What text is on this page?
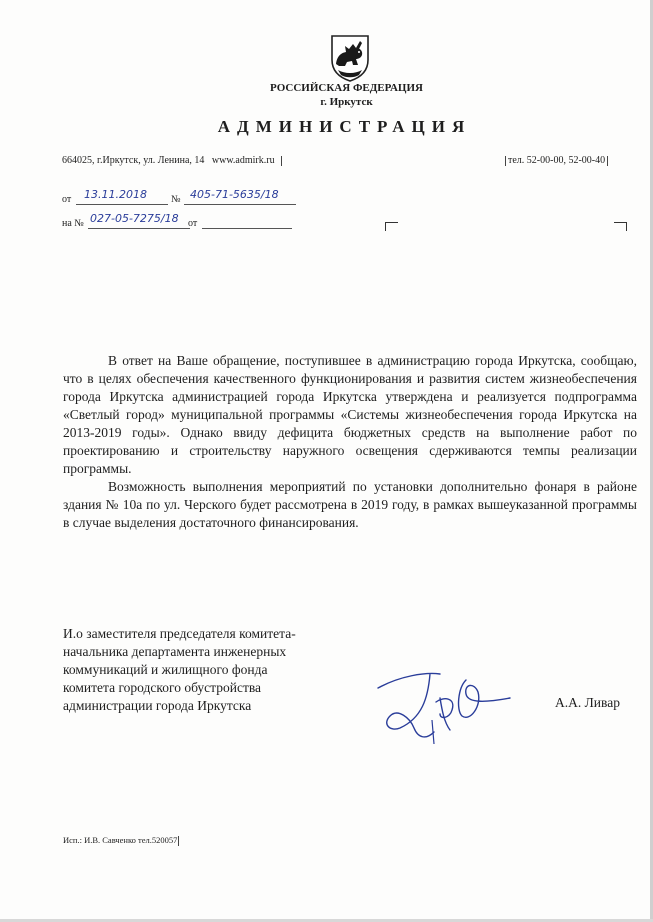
РОССИЙСКАЯ ФЕДЕРАЦИЯ
г. Иркутск
АДМИНИСТРАЦИЯ
664025, г.Иркутск, ул. Ленина, 14 www.admirk.ru	тел. 52-00-00, 52-00-40
от 13.11.2018 № 405-71-5635/18
на № 027-05-7275/18 от

В ответ на Ваше обращение, поступившее в администрацию города Иркутска, сообщаю, что в целях обеспечения качественного функционирования и развития систем жизнеобеспечения города Иркутска администрацией города Иркутска утверждена и реализуется подпрограмма «Светлый город» муниципальной программы «Системы жизнеобеспечения города Иркутска на 2013-2019 годы». Однако ввиду дефицита бюджетных средств на выполнение работ по проектированию и строительству наружного освещения сдерживаются темпы реализации программы.

Возможность выполнения мероприятий по установки дополнительно фонаря в районе здания № 10а по ул. Черского будет рассмотрена в 2019 году, в рамках вышеуказанной программы в случае выделения достаточного финансирования.

И.о заместителя председателя комитета-
начальника департамента инженерных
коммуникаций и жилищного фонда
комитета городского обустройства
администрации города Иркутска	А.А. Ливар
Исп.: И.В. Савченко тел.520057
